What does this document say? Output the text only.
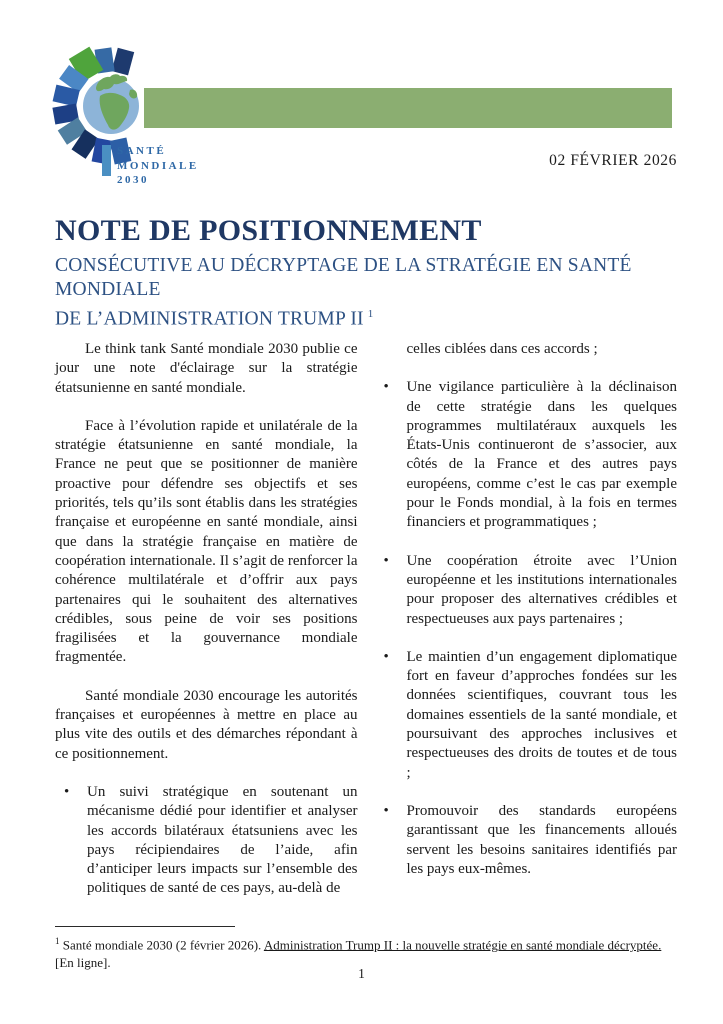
SANTÉ
MONDIALE
2030
02 FÉVRIER 2026
NOTE DE POSITIONNEMENT
CONSÉCUTIVE AU DÉCRYPTAGE DE LA STRATÉGIE EN SANTÉ MONDIALE
DE L’ADMINISTRATION TRUMP II $^1$

Le think tank Santé mondiale 2030 publie ce jour une note d'éclairage sur la stratégie étatsunienne en santé mondiale.

Face à l’évolution rapide et unilatérale de la stratégie étatsunienne en santé mondiale, la France ne peut que se positionner de manière proactive pour défendre ses objectifs et ses priorités, tels qu’ils sont établis dans les stratégies française et européenne en santé mondiale, ainsi que dans la stratégie française en matière de coopération internationale. Il s’agit de renforcer la cohérence multilatérale et d’offrir aux pays partenaires qui le souhaitent des alternatives crédibles, sous peine de voir ses positions fragilisées et la gouvernance mondiale fragmentée.

Santé mondiale 2030 encourage les autorités françaises et européennes à mettre en place au plus vite des outils et des démarches répondant à ce positionnement.

• Un suivi stratégique en soutenant un mécanisme dédié pour identifier et analyser les accords bilatéraux étatsuniens avec les pays récipiendaires de l’aide, afin d’anticiper leurs impacts sur l’ensemble des politiques de santé de ces pays, au-delà de
celles ciblées dans ces accords ;
• Une vigilance particulière à la déclinaison de cette stratégie dans les quelques programmes multilatéraux auxquels les États-Unis continueront de s’associer, aux côtés de la France et des autres pays européens, comme c’est le cas par exemple pour le Fonds mondial, à la fois en termes financiers et programmatiques ;
• Une coopération étroite avec l’Union européenne et les institutions internationales pour proposer des alternatives crédibles et respectueuses aux pays partenaires ;
• Le maintien d’un engagement diplomatique fort en faveur d’approches fondées sur les données scientifiques, couvrant tous les domaines essentiels de la santé mondiale, et poursuivant des approches inclusives et respectueuses des droits de toutes et de tous ;
• Promouvoir des standards européens garantissant que les financements alloués servent les besoins sanitaires identifiés par les pays eux-mêmes.
$^1$ Santé mondiale 2030 (2 février 2026). Administration Trump II : la nouvelle stratégie en santé mondiale décryptée. [En ligne].
1
